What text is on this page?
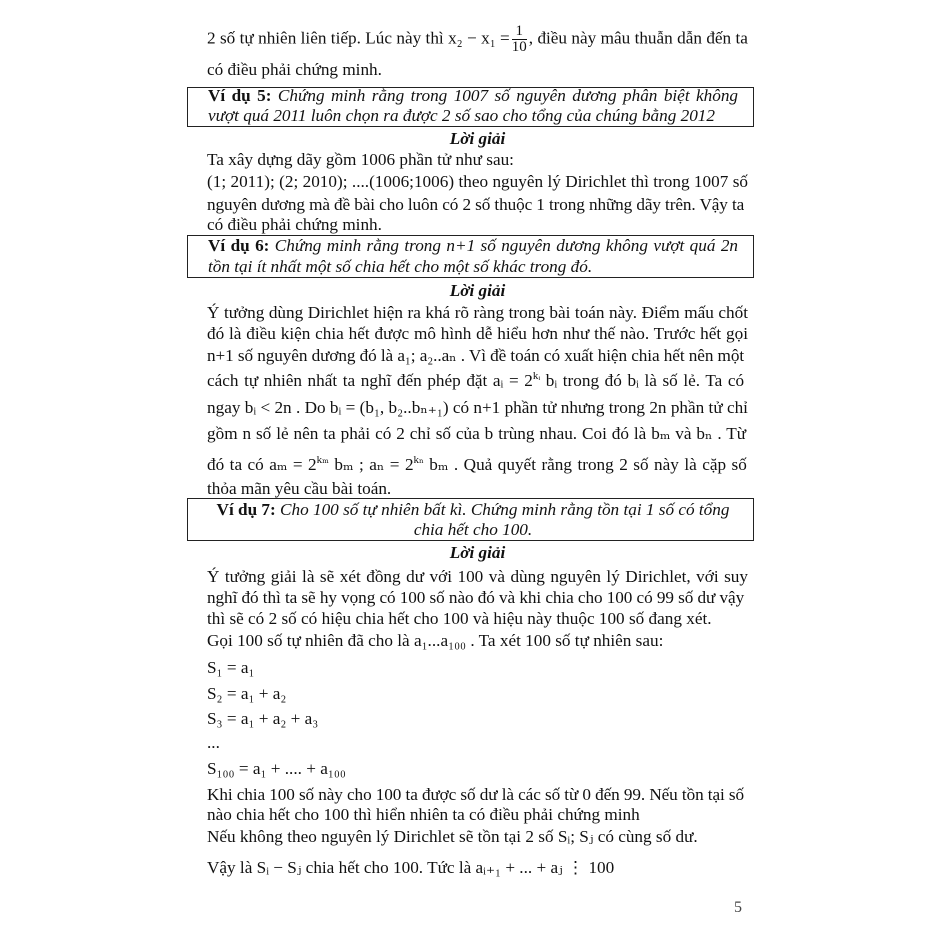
2 số tự nhiên liên tiếp. Lúc này thì $x_2 - x_1 = \frac{1}{10}$ , điều này mâu thuẫn dẫn đến ta
có điều phải chứng minh.
Ví dụ 5: Chứng minh rằng trong 1007 số nguyên dương phân biệt không
vượt quá 2011 luôn chọn ra được 2 số sao cho tổng của chúng bằng 2012
Lời giải
Ta xây dựng dãy gồm 1006 phần tử như sau:
(1; 2011); (2; 2010); ....(1006;1006) theo nguyên lý Dirichlet thì trong 1007 số
nguyên dương mà đề bài cho luôn có 2 số thuộc 1 trong những dãy trên. Vậy ta
có điều phải chứng minh.
Ví dụ 6: Chứng minh rằng trong n+1 số nguyên dương không vượt quá 2n
tồn tại ít nhất một số chia hết cho một số khác trong đó.
Lời giải
Ý tưởng dùng Dirichlet hiện ra khá rõ ràng trong bài toán này. Điểm mấu chốt
đó là điều kiện chia hết được mô hình dễ hiểu hơn như thế nào. Trước hết gọi
n+1 số nguyên dương đó là a₁; a₂..aₙ . Vì đề toán có xuất hiện chia hết nên một
cách tự nhiên nhất ta nghĩ đến phép đặt aᵢ = $2^{kᵢ}$ bᵢ trong đó bᵢ là số lẻ. Ta có
ngay bᵢ < 2n . Do bᵢ = (b₁, b₂..bₙ₊₁) có n+1 phần tử nhưng trong 2n phần tử chỉ
gồm n số lẻ nên ta phải có 2 chỉ số của b trùng nhau. Coi đó là bₘ và bₙ . Từ
đó ta có $a_m = 2^{k_m}$ bₘ ; $a_n = 2^{k_n}$ bₘ . Quả quyết rằng trong 2 số này là cặp số
thỏa mãn yêu cầu bài toán.
Ví dụ 7: Cho 100 số tự nhiên bất kì. Chứng minh rằng tồn tại 1 số có tổng
chia hết cho 100.
Lời giải
Ý tưởng giải là sẽ xét đồng dư với 100 và dùng nguyên lý Dirichlet, với suy
nghĩ đó thì ta sẽ hy vọng có 100 số nào đó và khi chia cho 100 có 99 số dư vậy
thì sẽ có 2 số có hiệu chia hết cho 100 và hiệu này thuộc 100 số đang xét.
Gọi 100 số tự nhiên đã cho là a₁...a₁₀₀ . Ta xét 100 số tự nhiên sau:
S₁ = a₁
S₂ = a₁ + a₂
S₃ = a₁ + a₂ + a₃
...
S₁₀₀ = a₁ + .... + a₁₀₀
Khi chia 100 số này cho 100 ta được số dư là các số từ 0 đến 99. Nếu tồn tại số
nào chia hết cho 100 thì hiển nhiên ta có điều phải chứng minh
Nếu không theo nguyên lý Dirichlet sẽ tồn tại 2 số Sᵢ; Sⱼ có cùng số dư.
Vậy là Sᵢ − Sⱼ chia hết cho 100. Tức là aᵢ₊₁ + ... + aⱼ ⋮ 100
5
